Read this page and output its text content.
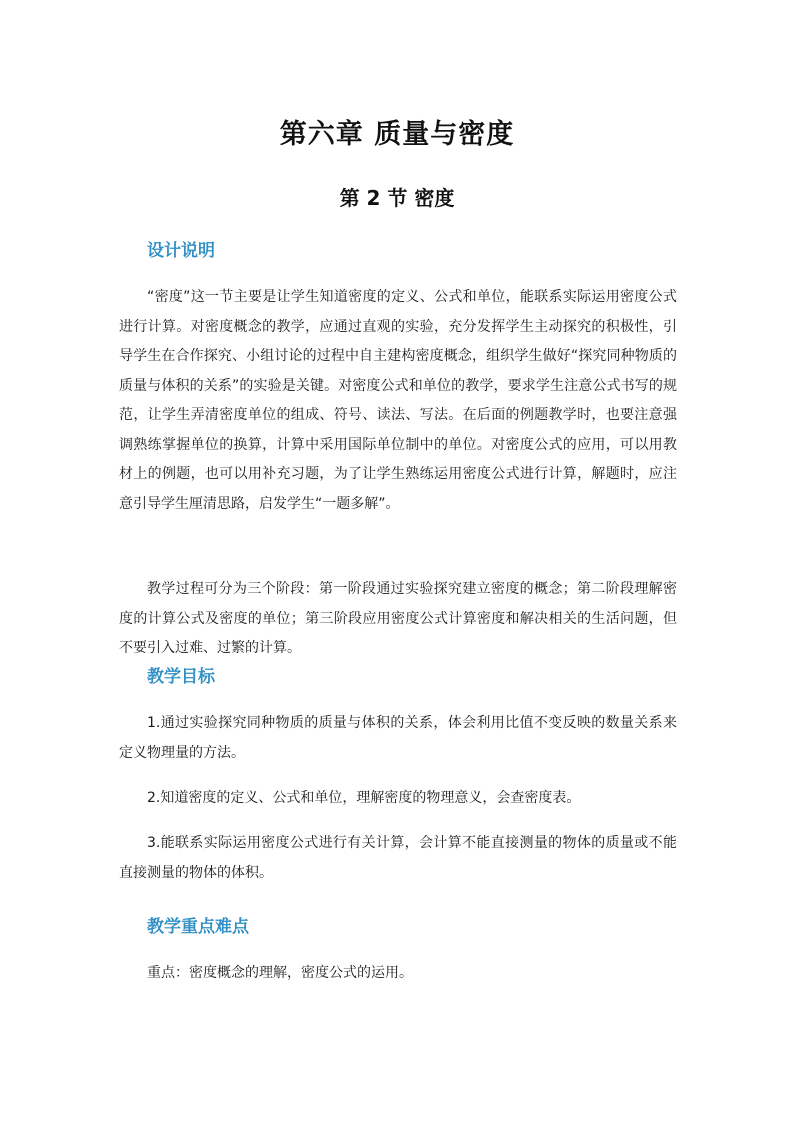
第六章 质量与密度
第 2 节 密度
设计说明

“密度”这一节主要是让学生知道密度的定义、公式和单位，能联系实际运用密度公式进行计算。对密度概念的教学，应通过直观的实验，充分发挥学生主动探究的积极性，引导学生在合作探究、小组讨论的过程中自主建构密度概念，组织学生做好“探究同种物质的质量与体积的关系”的实验是关键。对密度公式和单位的教学，要求学生注意公式书写的规范，让学生弄清密度单位的组成、符号、读法、写法。在后面的例题教学时，也要注意强调熟练掌握单位的换算，计算中采用国际单位制中的单位。对密度公式的应用，可以用教材上的例题，也可以用补充习题，为了让学生熟练运用密度公式进行计算，解题时，应注意引导学生厘清思路，启发学生“一题多解”。

教学过程可分为三个阶段：第一阶段通过实验探究建立密度的概念；第二阶段理解密度的计算公式及密度的单位；第三阶段应用密度公式计算密度和解决相关的生活问题，但不要引入过难、过繁的计算。

教学目标

1.通过实验探究同种物质的质量与体积的关系，体会利用比值不变反映的数量关系来定义物理量的方法。

2.知道密度的定义、公式和单位，理解密度的物理意义，会查密度表。

3.能联系实际运用密度公式进行有关计算，会计算不能直接测量的物体的质量或不能直接测量的物体的体积。

教学重点难点

重点：密度概念的理解，密度公式的运用。
